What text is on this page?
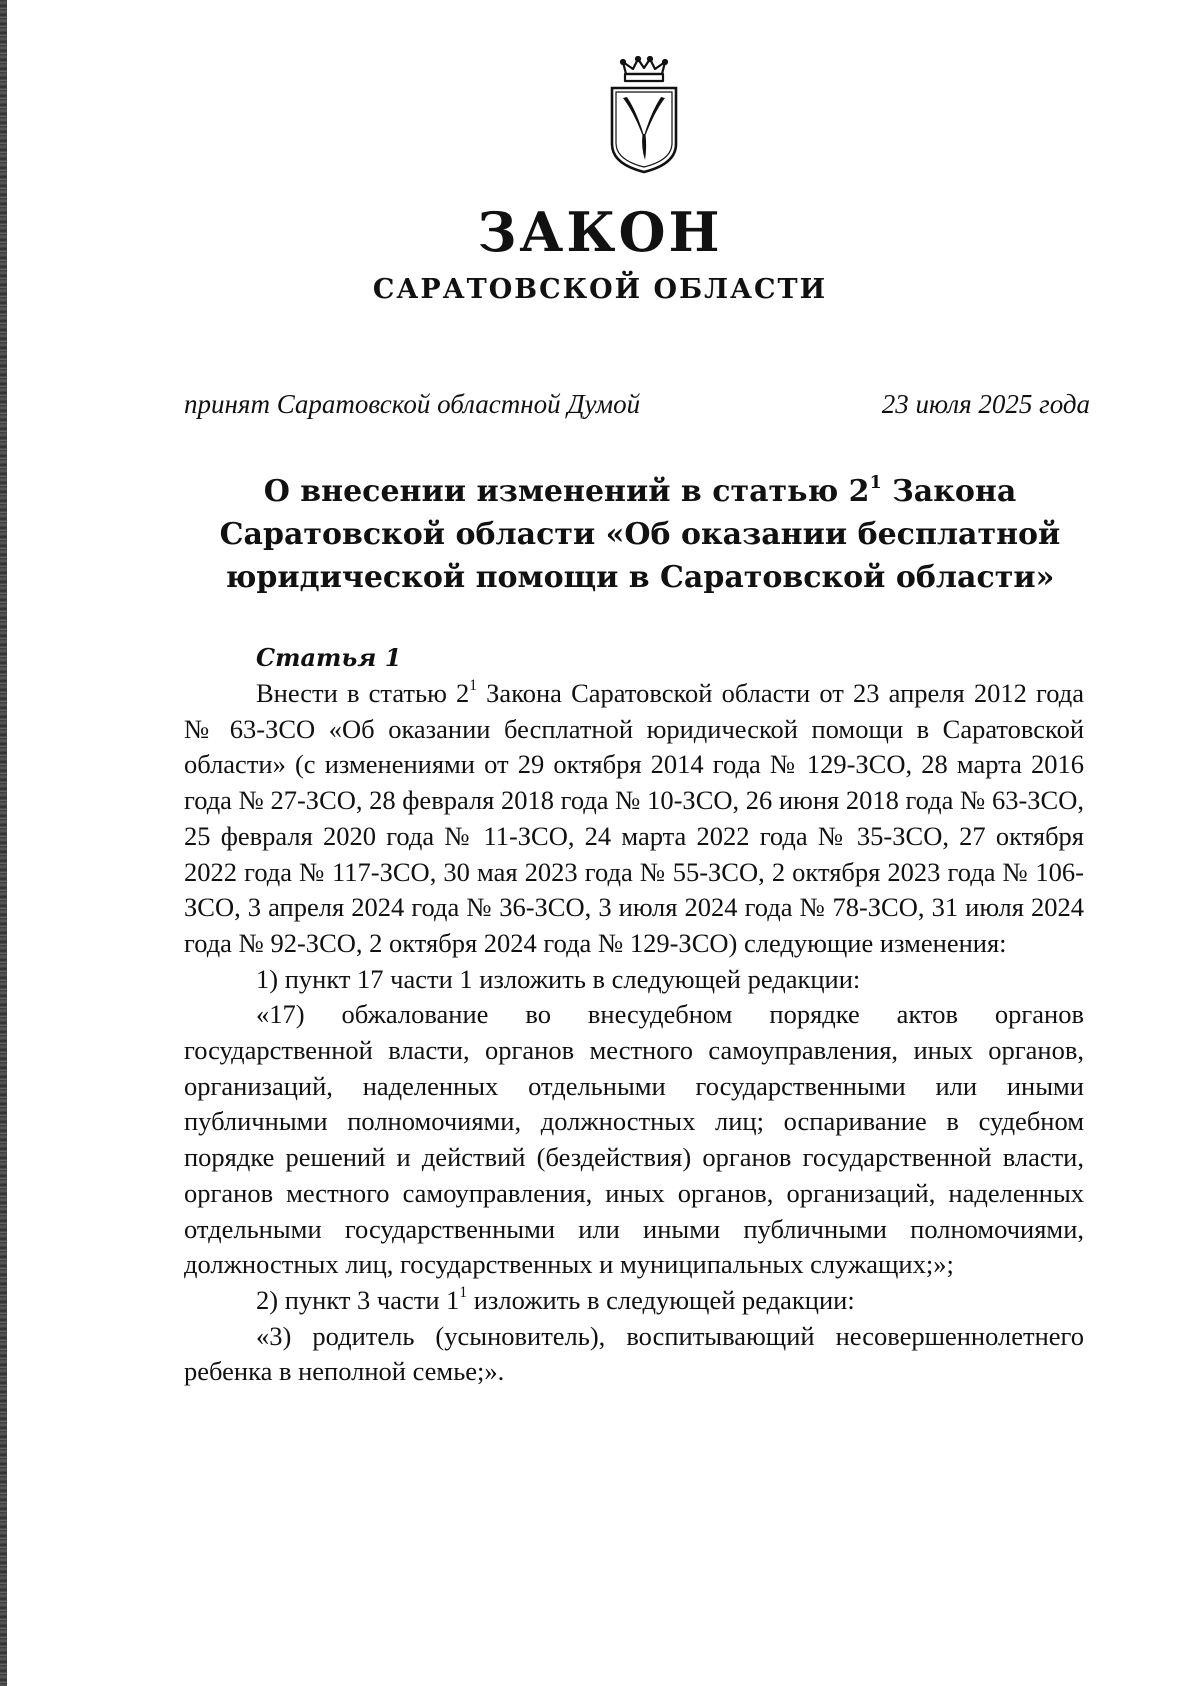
ЗАКОН
САРАТОВСКОЙ ОБЛАСТИ
принят Саратовской областной Думой	23 июля 2025 года
О внесении изменений в статью $2^1$ Закона Саратовской области «Об оказании бесплатной юридической помощи в Саратовской области»
Статья 1

Внести в статью $2^1$ Закона Саратовской области от 23 апреля 2012 года № 63-ЗСО «Об оказании бесплатной юридической помощи в Саратовской области» (с изменениями от 29 октября 2014 года № 129-ЗСО, 28 марта 2016 года № 27-ЗСО, 28 февраля 2018 года № 10-ЗСО, 26 июня 2018 года № 63-ЗСО, 25 февраля 2020 года № 11-ЗСО, 24 марта 2022 года № 35-ЗСО, 27 октября 2022 года № 117-ЗСО, 30 мая 2023 года № 55-ЗСО, 2 октября 2023 года № 106-ЗСО, 3 апреля 2024 года № 36-ЗСО, 3 июля 2024 года № 78-ЗСО, 31 июля 2024 года № 92-ЗСО, 2 октября 2024 года № 129-ЗСО) следующие изменения:

1) пункт 17 части 1 изложить в следующей редакции:

«17) обжалование во внесудебном порядке актов органов государственной власти, органов местного самоуправления, иных органов, организаций, наделенных отдельными государственными или иными публичными полномочиями, должностных лиц; оспаривание в судебном порядке решений и действий (бездействия) органов государственной власти, органов местного самоуправления, иных органов, организаций, наделенных отдельными государственными или иными публичными полномочиями, должностных лиц, государственных и муниципальных служащих;»;

2) пункт 3 части $1^1$ изложить в следующей редакции:

«3) родитель (усыновитель), воспитывающий несовершеннолетнего ребенка в неполной семье;».
